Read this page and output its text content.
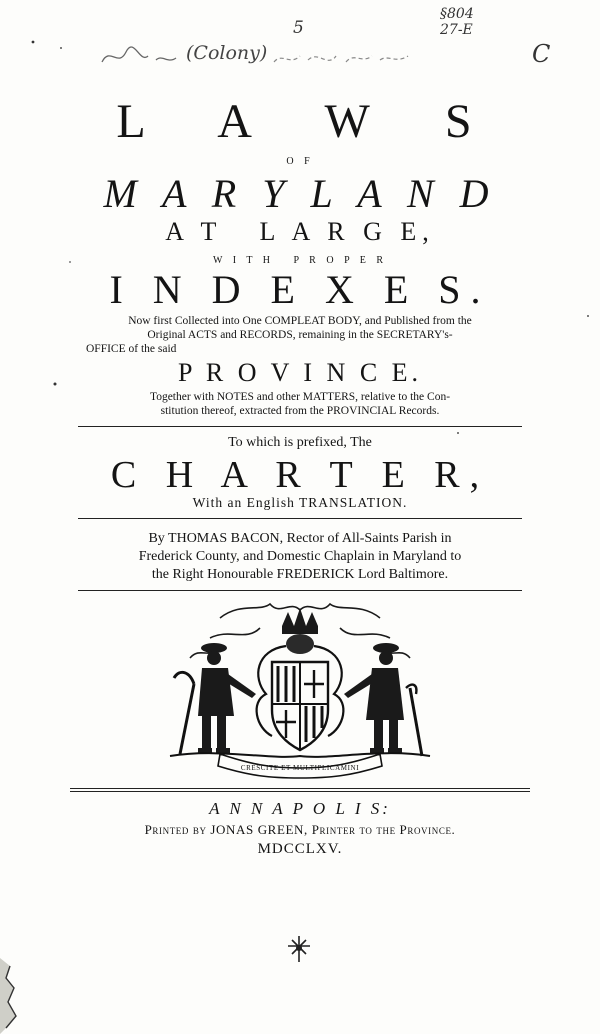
5
§804
27-E
C
(Colony)
L A W S
O F
M A R Y L A N D
A T   L A R G E,
W I T H   P R O P E R
I N D E X E S.
Now first Collected into One COMPLEAT BODY, and Published from the
Original ACTS and RECORDS, remaining in the SECRETARY's-
OFFICE of the said
P R O V I N C E.
Together with NOTES and other MATTERS, relative to the Con-
stitution thereof, extracted from the PROVINCIAL Records.
To which is prefixed, The
C H A R T E R,
With an English TRANSLATION.
By THOMAS BACON, Rector of All-Saints Parish in
Frederick County, and Domestic Chaplain in Maryland to
the Right Honourable FREDERICK Lord Baltimore.
CRESCITE ET MULTIPLICAMINI
A N N A P O L I S:
Printed by JONAS GREEN, Printer to the Province.
MDCCLXV.
